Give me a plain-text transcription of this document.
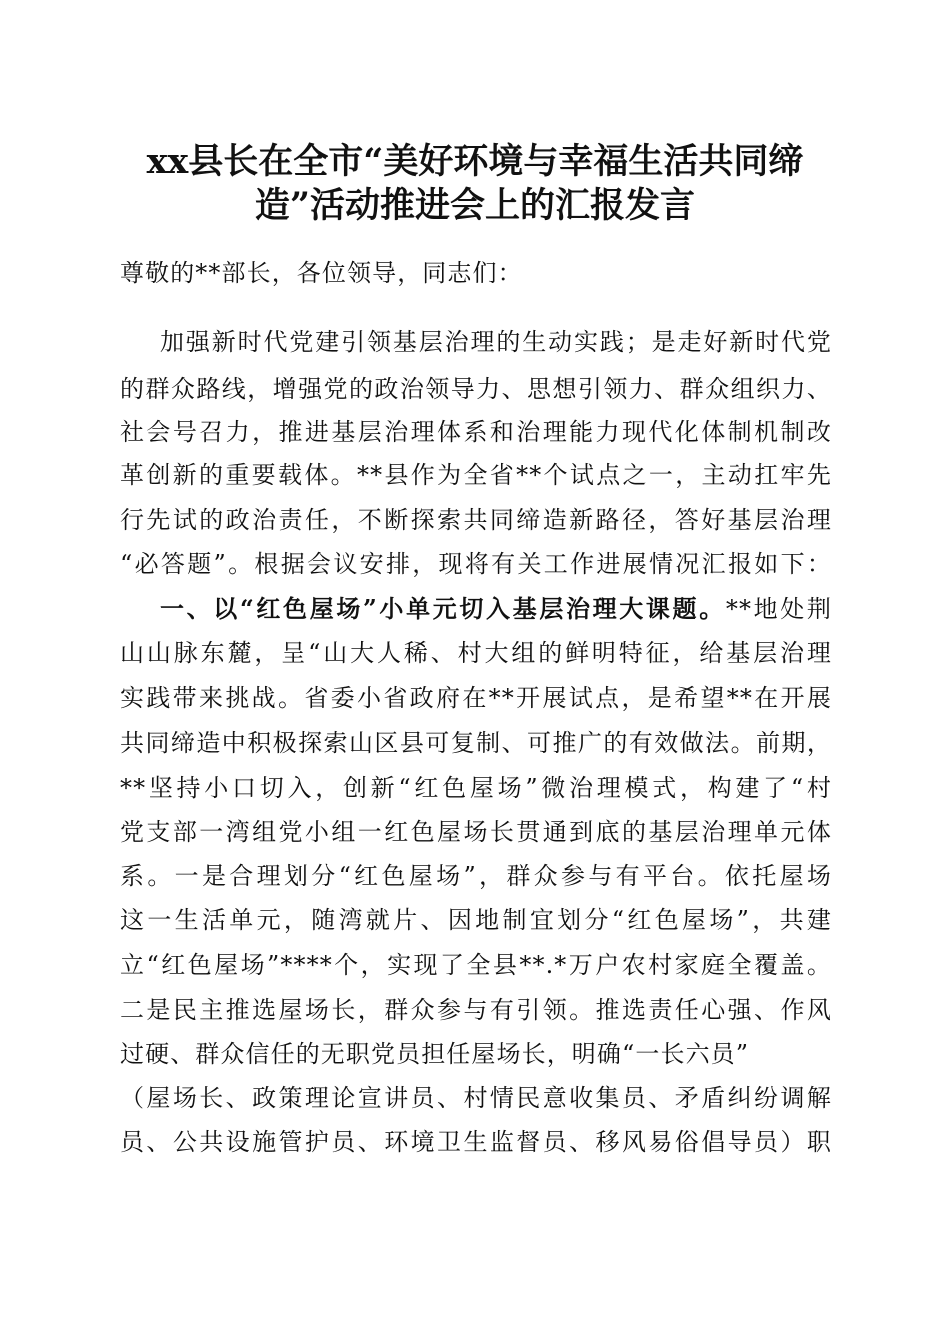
xx县长在全市“美好环境与幸福生活共同缔
造”活动推进会上的汇报发言
尊敬的**部长，各位领导，同志们：
加强新时代党建引领基层治理的生动实践；是走好新时代党
的群众路线，增强党的政治领导力、思想引领力、群众组织力、
社会号召力，推进基层治理体系和治理能力现代化体制机制改
革创新的重要载体。**县作为全省**个试点之一，主动扛牢先
行先试的政治责任，不断探索共同缔造新路径，答好基层治理
“必答题”。根据会议安排，现将有关工作进展情况汇报如下：
一、以“红色屋场”小单元切入基层治理大课题。**地处荆
山山脉东麓，呈“山大人稀、村大组的鲜明特征，给基层治理
实践带来挑战。省委小省政府在**开展试点，是希望**在开展
共同缔造中积极探索山区县可复制、可推广的有效做法。前期，
**坚持小口切入，创新“红色屋场”微治理模式，构建了“村
党支部一湾组党小组一红色屋场长贯通到底的基层治理单元体
系。一是合理划分“红色屋场”，群众参与有平台。依托屋场
这一生活单元，随湾就片、因地制宜划分“红色屋场”，共建
立“红色屋场”****个，实现了全县**.*万户农村家庭全覆盖。
二是民主推选屋场长，群众参与有引领。推选责任心强、作风
过硬、群众信任的无职党员担任屋场长，明确“一长六员”
（屋场长、政策理论宣讲员、村情民意收集员、矛盾纠纷调解
员、公共设施管护员、环境卫生监督员、移风易俗倡导员）职
